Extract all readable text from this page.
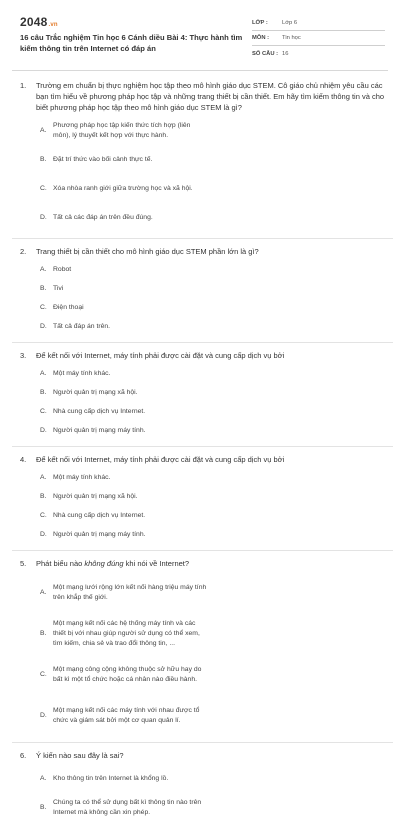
2048.vn
16 câu Trắc nghiệm Tin học 6 Cánh diều Bài 4: Thực hành tìm kiếm thông tin trên Internet có đáp án
LỚP :	Lớp 6
MÔN :	Tin học
SỐ CÂU : 16
1.	Trường em chuẩn bị thực nghiệm học tập theo mô hình giáo dục STEM. Cô giáo chủ nhiệm yêu cầu các bạn tìm hiểu về phương pháp học tập và những trang thiết bị cần thiết. Em hãy tìm kiếm thông tin và cho biết phương pháp học tập theo mô hình giáo dục STEM là gì?
A.
Phương pháp học tập kiến thức tích hợp (liên môn), lý thuyết kết hợp với thực hành.
B. Đặt trí thức vào bối cảnh thực tế.
C. Xóa nhòa ranh giới giữa trường học và xã hội.
D. Tất cả các đáp án trên đều đúng.
2.	Trang thiết bị cần thiết cho mô hình giáo dục STEM phần lớn là gì?
A. Robot
B. Tivi
C. Điện thoại
D. Tất cả đáp án trên.
3.	Để kết nối với Internet, máy tính phải được cài đặt và cung cấp dịch vụ bởi
A. Một máy tính khác.
B. Người quản trị mạng xã hội.
C. Nhà cung cấp dịch vụ Internet.
D. Người quản trị mạng máy tính.
4.	Để kết nối với Internet, máy tính phải được cài đặt và cung cấp dịch vụ bởi
A. Một máy tính khác.
B. Người quản trị mạng xã hội.
C. Nhà cung cấp dịch vụ Internet.
D. Người quản trị mạng máy tính.
5.	Phát biểu nào không đúng khi nói về Internet?
A.
Một mạng lưới rộng lớn kết nối hàng triệu máy tính trên khắp thế giới.
B.
Một mạng kết nối các hệ thống máy tính và các thiết bị với nhau giúp người sử dụng có thể xem, tìm kiếm, chia sẻ và trao đổi thông tin, ...
C.
Một mạng công cộng không thuộc sở hữu hay do bất kì một tổ chức hoặc cá nhân nào điều hành.
D.
Một mạng kết nối các máy tính với nhau được tổ chức và giám sát bởi một cơ quan quản lí.
6.	Ý kiến nào sau đây là sai?
A. Kho thông tin trên Internet là khổng lồ.
B.
Chúng ta có thể sử dụng bất kì thông tin nào trên Internet mà không cần xin phép.
